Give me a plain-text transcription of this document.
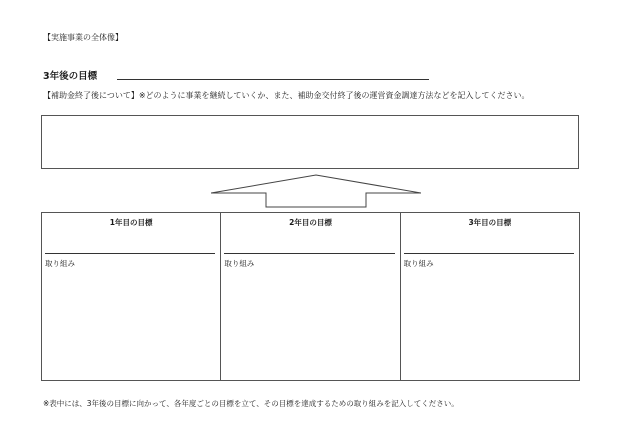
【実施事業の全体像】
3年後の目標
【補助金終了後について】※どのように事業を継続していくか、また、補助金交付終了後の運営資金調達方法などを記入してください。
1年目の目標
取り組み
2年目の目標
取り組み
3年目の目標
取り組み
※表中には、3年後の目標に向かって、各年度ごとの目標を立て、その目標を達成するための取り組みを記入してください。
